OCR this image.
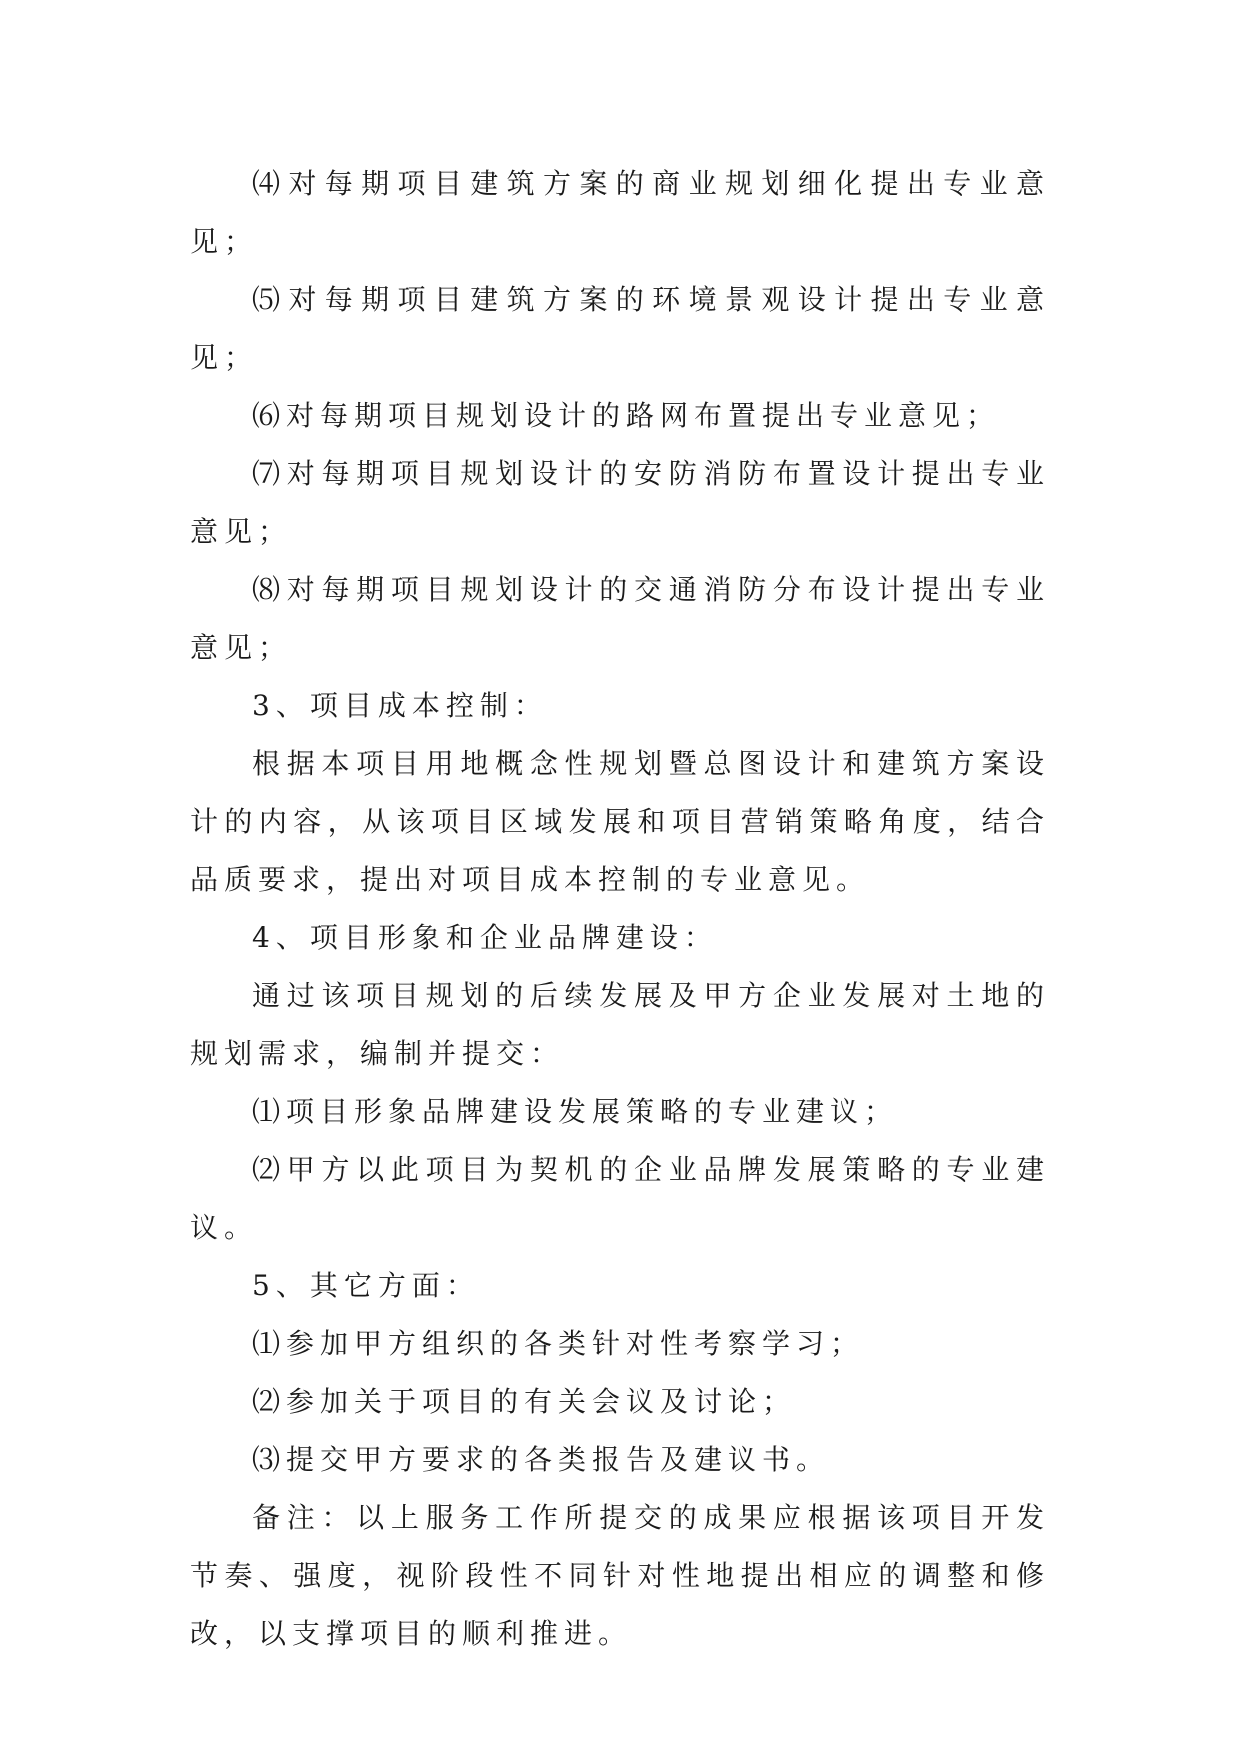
⑷对每期项目建筑方案的商业规划细化提出专业意见；

⑸对每期项目建筑方案的环境景观设计提出专业意见；

⑹对每期项目规划设计的路网布置提出专业意见；

⑺对每期项目规划设计的安防消防布置设计提出专业意见；

⑻对每期项目规划设计的交通消防分布设计提出专业意见；

3、项目成本控制：

根据本项目用地概念性规划暨总图设计和建筑方案设计的内容，从该项目区域发展和项目营销策略角度，结合品质要求，提出对项目成本控制的专业意见。

4、项目形象和企业品牌建设：

通过该项目规划的后续发展及甲方企业发展对土地的规划需求，编制并提交：

⑴项目形象品牌建设发展策略的专业建议；

⑵甲方以此项目为契机的企业品牌发展策略的专业建议。

5、其它方面：

⑴参加甲方组织的各类针对性考察学习；

⑵参加关于项目的有关会议及讨论；

⑶提交甲方要求的各类报告及建议书。

备注：以上服务工作所提交的成果应根据该项目开发节奏、强度，视阶段性不同针对性地提出相应的调整和修改，以支撑项目的顺利推进。
